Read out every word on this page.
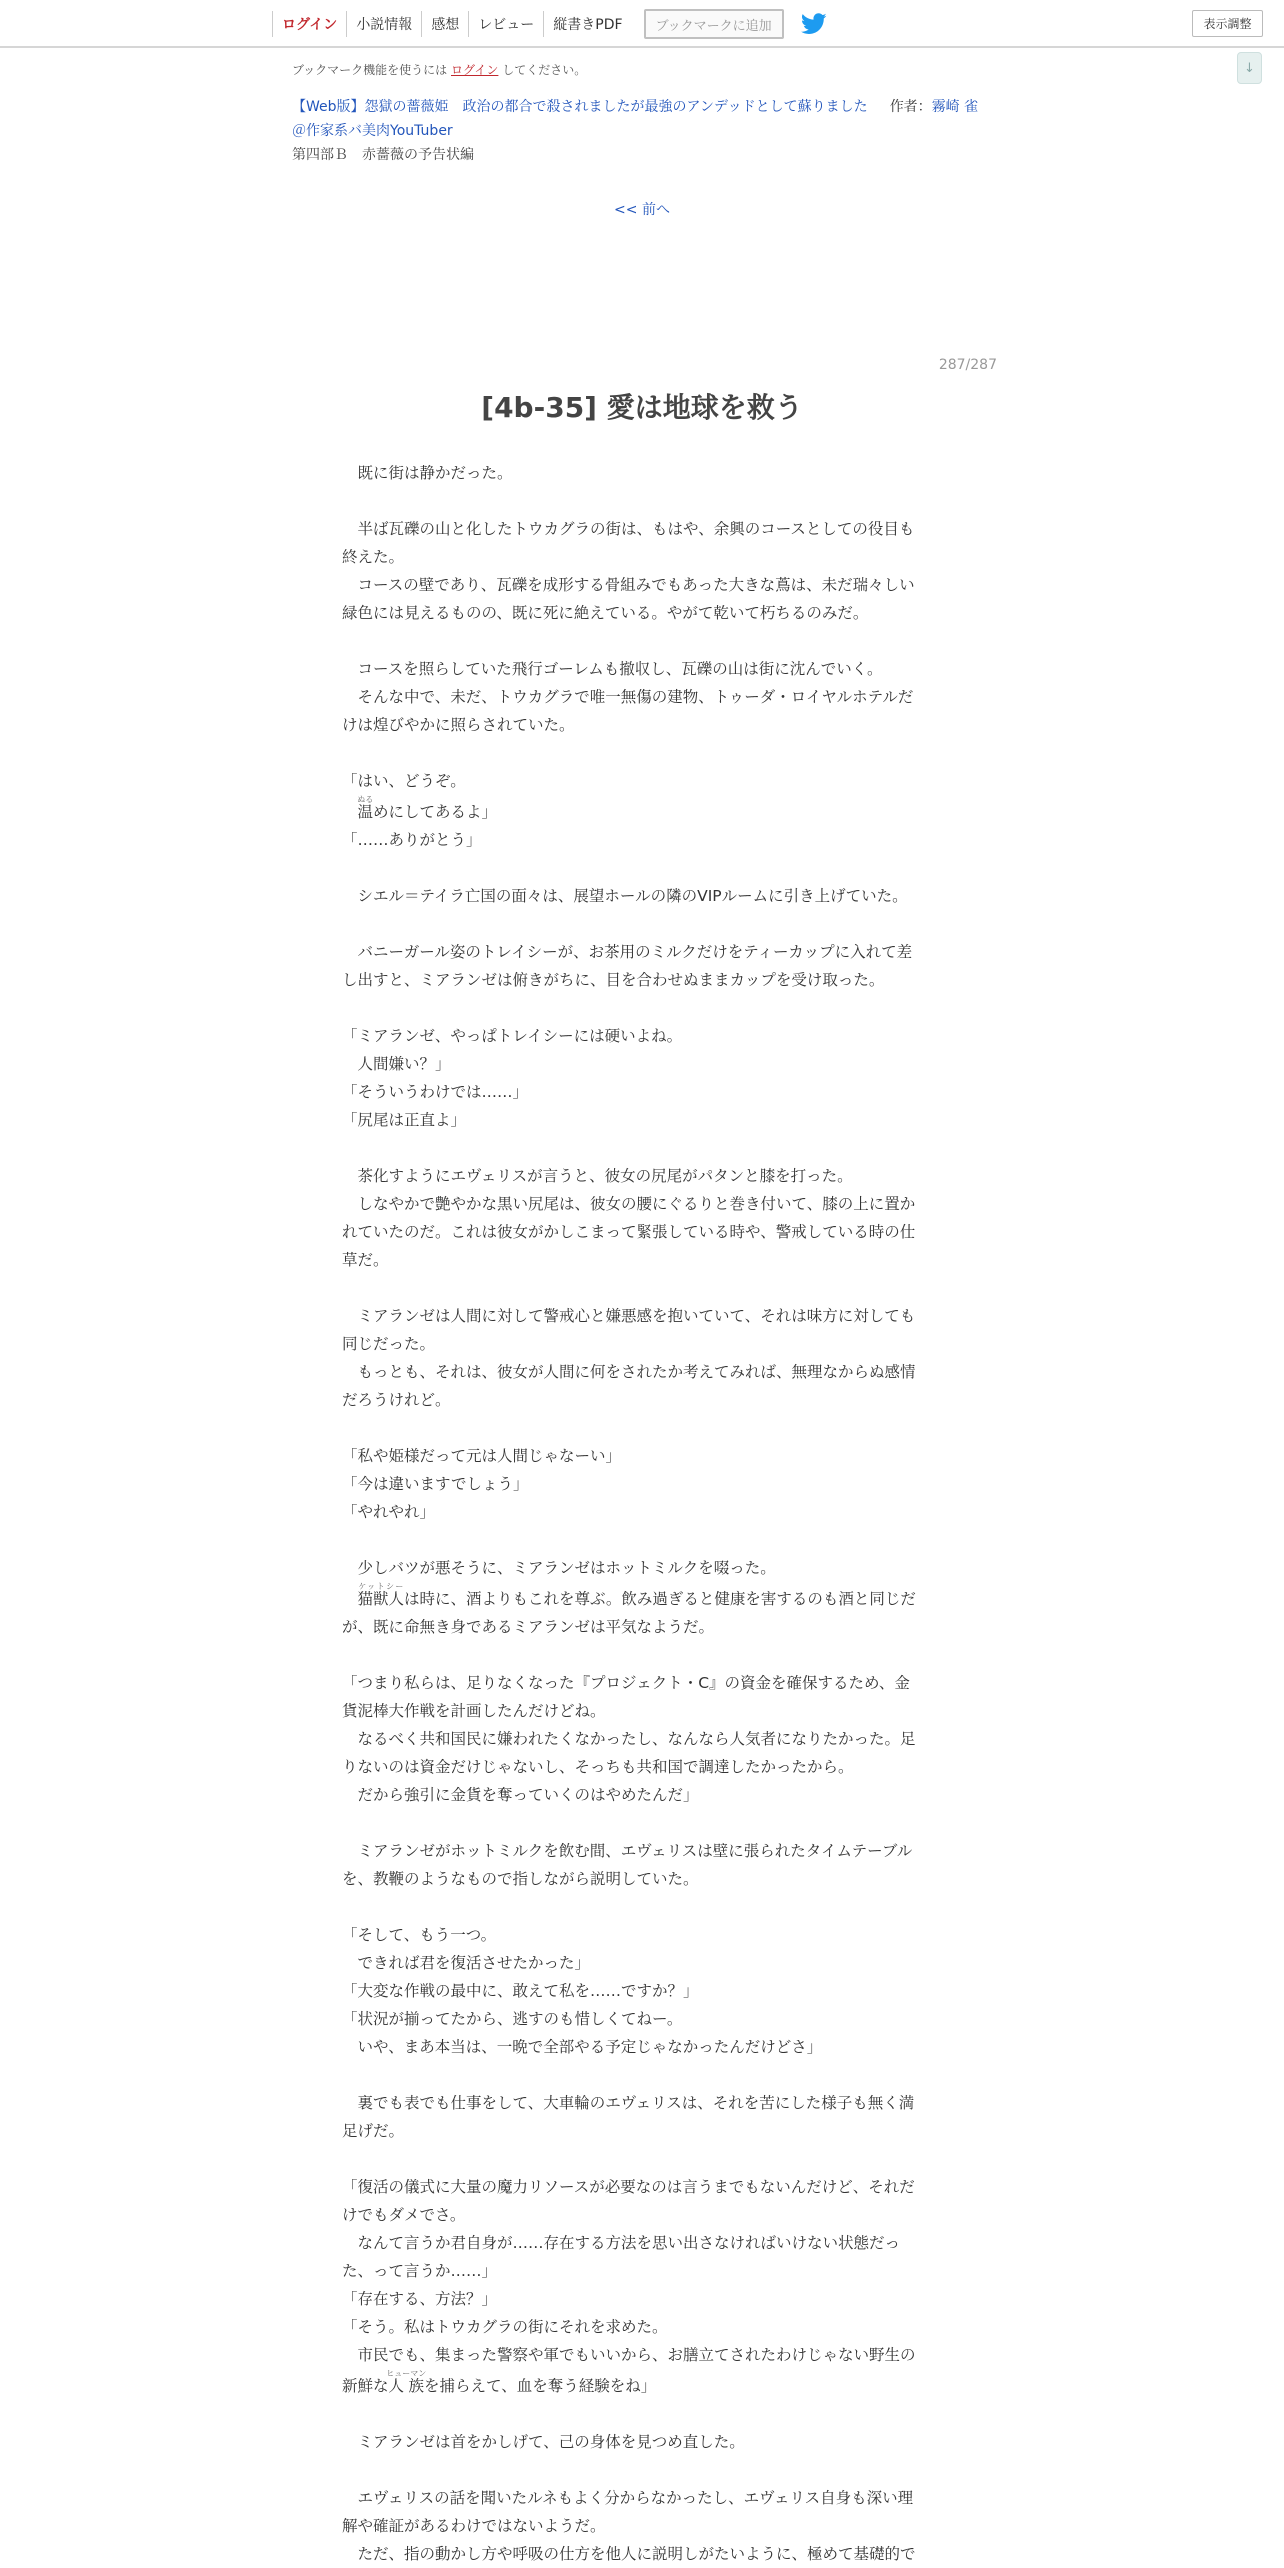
ログイン	小説情報	感想	レビュー	縦書きPDF	ブックマークに追加	表示調整
↓
ブックマーク機能を使うには ログイン してください。
【Web版】怨獄の薔薇姫　政治の都合で殺されましたが最強のアンデッドとして蘇りました 作者：霧崎 雀
＠作家系バ美肉YouTuber
第四部Ｂ　赤薔薇の予告状編
<< 前へ
287/287
[4b-35] 愛は地球を救う

　既に街は静かだった。

　半ば瓦礫の山と化したトウカグラの街は、もはや、余興のコースとしての役目も

終えた。

　コースの壁であり、瓦礫を成形する骨組みでもあった大きな蔦は、未だ瑞々しい

緑色には見えるものの、既に死に絶えている。やがて乾いて朽ちるのみだ。

　コースを照らしていた飛行ゴーレムも撤収し、瓦礫の山は街に沈んでいく。

　そんな中で、未だ、トウカグラで唯一無傷の建物、トゥーダ・ロイヤルホテルだ

けは煌びやかに照らされていた。

「はい、どうぞ。

　温ぬるめにしてあるよ」

「……ありがとう」

　シエル＝テイラ亡国の面々は、展望ホールの隣のVIPルームに引き上げていた。

　バニーガール姿のトレイシーが、お茶用のミルクだけをティーカップに入れて差

し出すと、ミアランゼは俯きがちに、目を合わせぬままカップを受け取った。

「ミアランゼ、やっぱトレイシーには硬いよね。

　人間嫌い？」

「そういうわけでは……」

「尻尾は正直よ」

　茶化すようにエヴェリスが言うと、彼女の尻尾がパタンと膝を打った。

　しなやかで艶やかな黒い尻尾は、彼女の腰にぐるりと巻き付いて、膝の上に置か

れていたのだ。これは彼女がかしこまって緊張している時や、警戒している時の仕

草だ。

　ミアランゼは人間に対して警戒心と嫌悪感を抱いていて、それは味方に対しても

同じだった。

　もっとも、それは、彼女が人間に何をされたか考えてみれば、無理なからぬ感情

だろうけれど。

「私や姫様だって元は人間じゃなーい」

「今は違いますでしょう」

「やれやれ」

　少しバツが悪そうに、ミアランゼはホットミルクを啜った。

　猫獣人ケットシーは時に、酒よりもこれを尊ぶ。飲み過ぎると健康を害するのも酒と同じだ

が、既に命無き身であるミアランゼは平気なようだ。

「つまり私らは、足りなくなった『プロジェクト・C』の資金を確保するため、金

貨泥棒大作戦を計画したんだけどね。

　なるべく共和国民に嫌われたくなかったし、なんなら人気者になりたかった。足

りないのは資金だけじゃないし、そっちも共和国で調達したかったから。

　だから強引に金貨を奪っていくのはやめたんだ」

　ミアランゼがホットミルクを飲む間、エヴェリスは壁に張られたタイムテーブル

を、教鞭のようなもので指しながら説明していた。

「そして、もう一つ。

　できれば君を復活させたかった」

「大変な作戦の最中に、敢えて私を……ですか？」

「状況が揃ってたから、逃すのも惜しくてねー。

　いや、まあ本当は、一晩で全部やる予定じゃなかったんだけどさ」

　裏でも表でも仕事をして、大車輪のエヴェリスは、それを苦にした様子も無く満

足げだ。

「復活の儀式に大量の魔力リソースが必要なのは言うまでもないんだけど、それだ

けでもダメでさ。

　なんて言うか君自身が……存在する方法を思い出さなければいけない状態だっ

た、って言うか……」

「存在する、方法？」

「そう。私はトウカグラの街にそれを求めた。

　市民でも、集まった警察や軍でもいいから、お膳立てされたわけじゃない野生の

新鮮な人族ヒューマンを捕らえて、血を奪う経験をね」

　ミアランゼは首をかしげて、己の身体を見つめ直した。

　エヴェリスの話を聞いたルネもよく分からなかったし、エヴェリス自身も深い理

解や確証があるわけではないようだ。

　ただ、指の動かし方や呼吸の仕方を他人に説明しがたいように、極めて基礎的で
